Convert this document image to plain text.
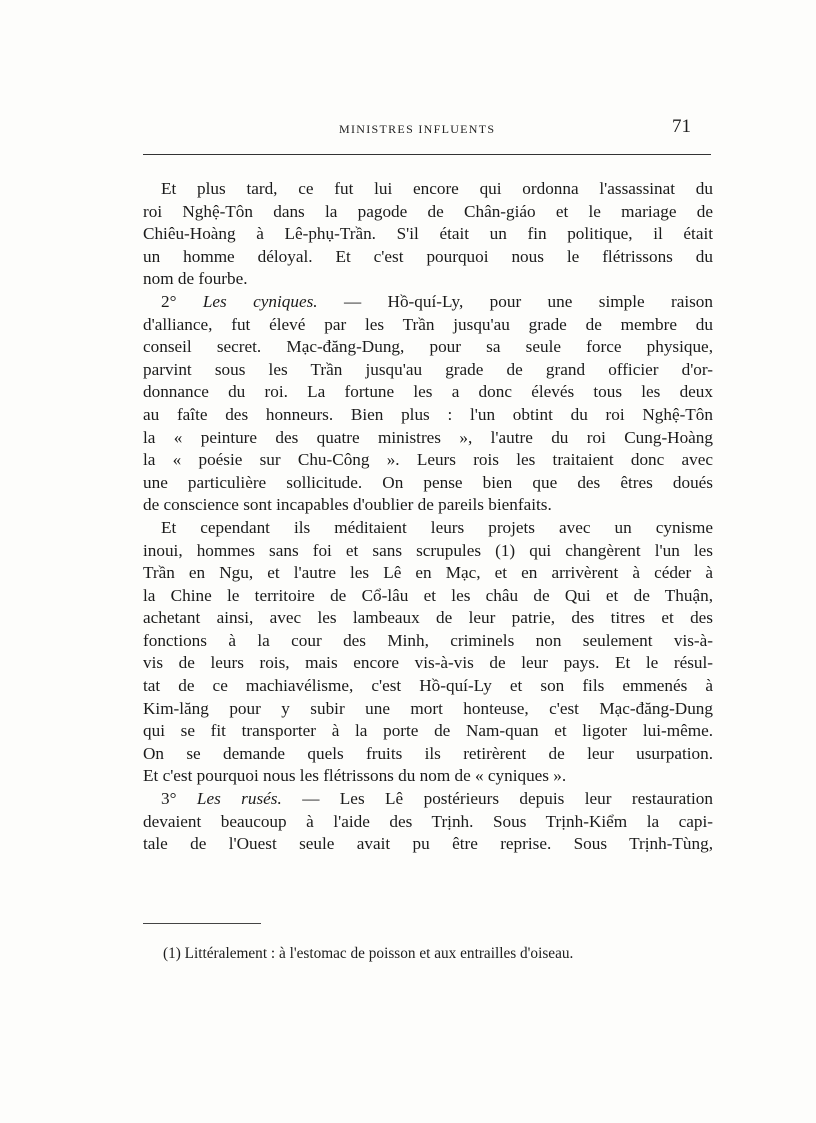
MINISTRES INFLUENTS	71
Et plus tard, ce fut lui encore qui ordonna l'assassinat du
roi Nghệ-Tôn dans la pagode de Chân-giáo et le mariage de
Chiêu-Hoàng à Lê-phụ-Trần. S'il était un fin politique, il était
un homme déloyal. Et c'est pourquoi nous le flétrissons du
nom de fourbe.
2° Les cyniques. — Hồ-quí-Ly, pour une simple raison
d'alliance, fut élevé par les Trần jusqu'au grade de membre du
conseil secret. Mạc-đăng-Dung, pour sa seule force physique,
parvint sous les Trần jusqu'au grade de grand officier d'or-
donnance du roi. La fortune les a donc élevés tous les deux
au faîte des honneurs. Bien plus : l'un obtint du roi Nghệ-Tôn
la « peinture des quatre ministres », l'autre du roi Cung-Hoàng
la « poésie sur Chu-Công ». Leurs rois les traitaient donc avec
une particulière sollicitude. On pense bien que des êtres doués
de conscience sont incapables d'oublier de pareils bienfaits.
Et cependant ils méditaient leurs projets avec un cynisme
inoui, hommes sans foi et sans scrupules (1) qui changèrent l'un les
Trần en Ngu, et l'autre les Lê en Mạc, et en arrivèrent à céder à
la Chine le territoire de Cổ-lâu et les châu de Qui et de Thuận,
achetant ainsi, avec les lambeaux de leur patrie, des titres et des
fonctions à la cour des Minh, criminels non seulement vis-à-
vis de leurs rois, mais encore vis-à-vis de leur pays. Et le résul-
tat de ce machiavélisme, c'est Hồ-quí-Ly et son fils emmenés à
Kim-lăng pour y subir une mort honteuse, c'est Mạc-đăng-Dung
qui se fit transporter à la porte de Nam-quan et ligoter lui-même.
On se demande quels fruits ils retirèrent de leur usurpation.
Et c'est pourquoi nous les flétrissons du nom de « cyniques ».
3° Les rusés. — Les Lê postérieurs depuis leur restauration
devaient beaucoup à l'aide des Trịnh. Sous Trịnh-Kiểm la capi-
tale de l'Ouest seule avait pu être reprise. Sous Trịnh-Tùng,
(1) Littéralement : à l'estomac de poisson et aux entrailles d'oiseau.
